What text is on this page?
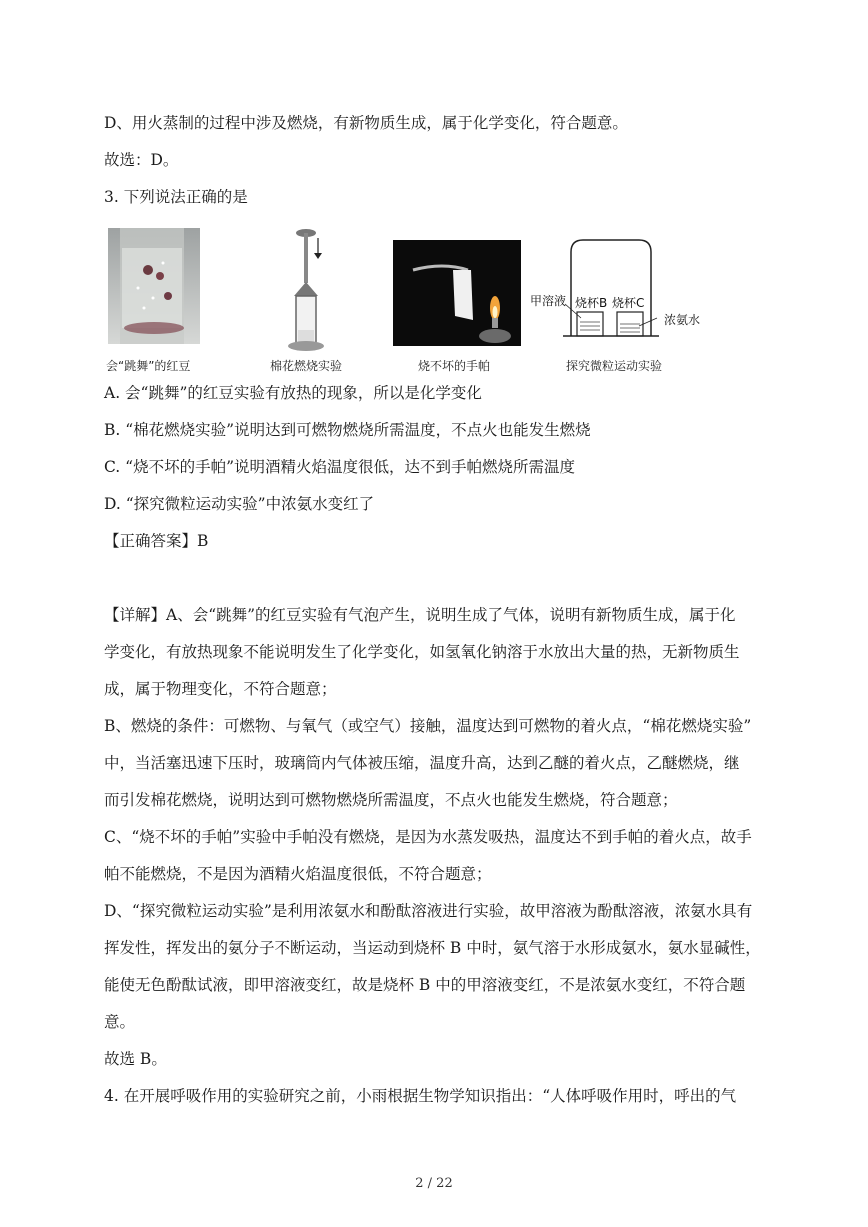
D、用火蒸制的过程中涉及燃烧，有新物质生成，属于化学变化，符合题意。
故选：D。
3. 下列说法正确的是
会“跳舞”的红豆	棉花燃烧实验	烧不坏的手帕
甲溶液 烧杯B 烧杯C
浓氨水
探究微粒运动实验
A. 会“跳舞”的红豆实验有放热的现象，所以是化学变化
B. “棉花燃烧实验”说明达到可燃物燃烧所需温度，不点火也能发生燃烧
C. “烧不坏的手帕”说明酒精火焰温度很低，达不到手帕燃烧所需温度
D. “探究微粒运动实验”中浓氨水变红了
【正确答案】B
【详解】A、会“跳舞”的红豆实验有气泡产生，说明生成了气体，说明有新物质生成，属于化
学变化，有放热现象不能说明发生了化学变化，如氢氧化钠溶于水放出大量的热，无新物质生
成，属于物理变化，不符合题意；
B、燃烧的条件：可燃物、与氧气（或空气）接触，温度达到可燃物的着火点，“棉花燃烧实验”
中，当活塞迅速下压时，玻璃筒内气体被压缩，温度升高，达到乙醚的着火点，乙醚燃烧，继
而引发棉花燃烧，说明达到可燃物燃烧所需温度，不点火也能发生燃烧，符合题意；
C、“烧不坏的手帕”实验中手帕没有燃烧，是因为水蒸发吸热，温度达不到手帕的着火点，故手
帕不能燃烧，不是因为酒精火焰温度很低，不符合题意；
D、“探究微粒运动实验”是利用浓氨水和酚酞溶液进行实验，故甲溶液为酚酞溶液，浓氨水具有
挥发性，挥发出的氨分子不断运动，当运动到烧杯 B 中时，氨气溶于水形成氨水，氨水显碱性，
能使无色酚酞试液，即甲溶液变红，故是烧杯 B 中的甲溶液变红，不是浓氨水变红，不符合题
意。
故选 B。
4. 在开展呼吸作用的实验研究之前，小雨根据生物学知识指出：“人体呼吸作用时，呼出的气
2 / 22
